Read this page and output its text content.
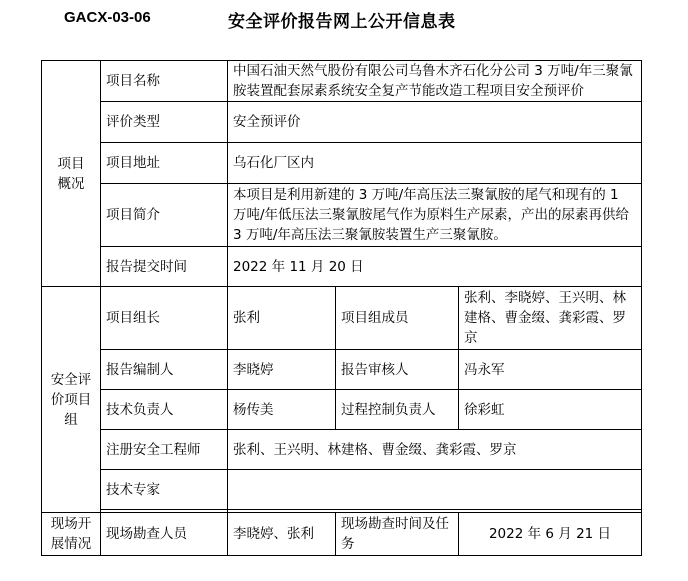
GACX-03-06	安全评价报告网上公开信息表
项目
概况	项目名称	中国石油天然气股份有限公司乌鲁木齐石化分公司 3 万吨/年三聚氰胺装置配套尿素系统安全复产节能改造工程项目安全预评价		
	评价类型	安全预评价		
	项目地址	乌石化厂区内		
	项目简介	本项目是利用新建的 3 万吨/年高压法三聚氰胺的尾气和现有的 1 万吨/年低压法三聚氰胺尾气作为原料生产尿素，产出的尿素再供给 3 万吨/年高压法三聚氰胺装置生产三聚氰胺。		
	报告提交时间	2022 年 11 月 20 日		
安全评
价项目
组	项目组长	张利	项目组成员	张利、李晓婷、王兴明、林建格、曹金缀、龚彩霞、罗京
	报告编制人	李晓婷	报告审核人	冯永军
	技术负责人	杨传美	过程控制负责人	徐彩虹
	注册安全工程师	张利、王兴明、林建格、曹金缀、龚彩霞、罗京		
	技术专家			

现场开
展情况	现场勘查人员	李晓婷、张利	现场勘查时间及任务	2022 年 6 月 21 日
